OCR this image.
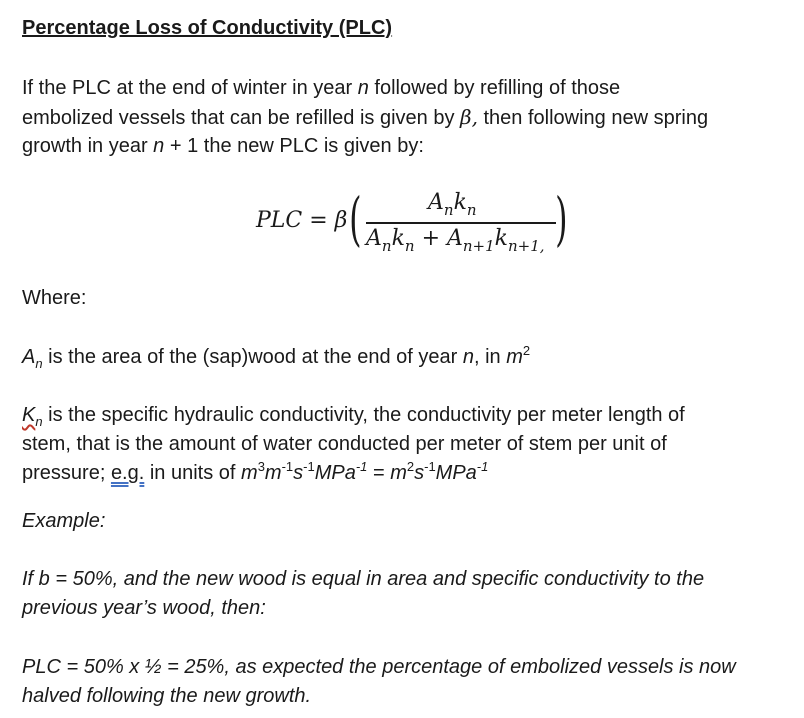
Percentage Loss of Conductivity (PLC)
If the PLC at the end of winter in year n followed by refilling of those
embolized vessels that can be refilled is given by β, then following new spring
growth in year n + 1 the new PLC is given by:
PLC = β (	$A_nk_n$
$A_nk_n + A_{n+1}k_{n+1,}$ )
Where:
$A_n$ is the area of the (sap)wood at the end of year n, in $m^2$
$K_n$ is the specific hydraulic conductivity, the conductivity per meter length of
stem, that is the amount of water conducted per meter of stem per unit of
pressure; e.g. in units of $m^3m^{-1}s^{-1}MPa^{-1} = m^2s^{-1}MPa^{-1}$
Example:
If b = 50%, and the new wood is equal in area and specific conductivity to the
previous year’s wood, then:
PLC = 50% x ½ = 25%, as expected the percentage of embolized vessels is now
halved following the new growth.
